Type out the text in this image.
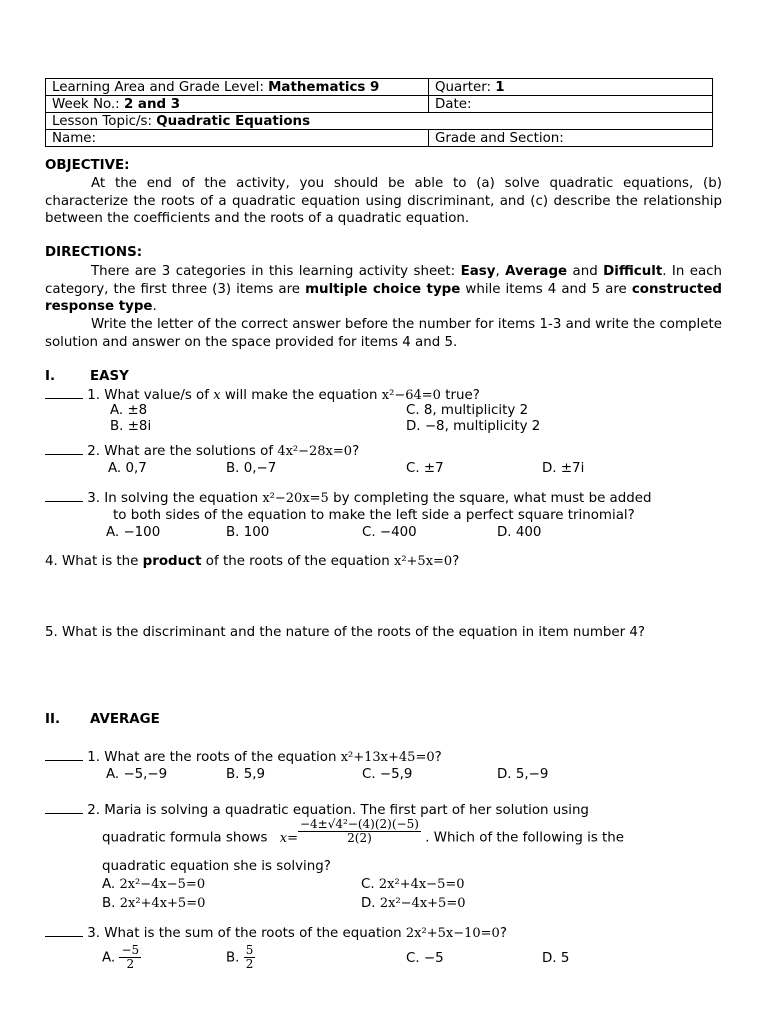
Learning Area and Grade Level: Mathematics 9	Quarter: 1
Week No.: 2 and 3	Date:
Lesson Topic/s: Quadratic Equations	
Name:	Grade and Section:
OBJECTIVE:
At the end of the activity, you should be able to (a) solve quadratic equations, (b) characterize the roots of a quadratic equation using discriminant, and (c) describe the relationship between the coefficients and the roots of a quadratic equation.
DIRECTIONS:
There are 3 categories in this learning activity sheet: Easy, Average and Difficult. In each category, the first three (3) items are multiple choice type while items 4 and 5 are constructed response type.
Write the letter of the correct answer before the number for items 1-3 and write the complete solution and answer on the space provided for items 4 and 5.
I.	EASY
1. What value/s of x will make the equation x²−64=0 true?
A. ±8
B. ±8i
C. 8, multiplicity 2
D. −8, multiplicity 2
2. What are the solutions of 4x²−28x=0?
A. 0,7	B. 0,−7	C. ±7	D. ±7i
3. In solving the equation x²−20x=5 by completing the square, what must be added
to both sides of the equation to make the left side a perfect square trinomial?
A. −100	B. 100	C. −400	D. 400
4. What is the product of the roots of the equation x²+5x=0?
5. What is the discriminant and the nature of the roots of the equation in item number 4?
II. AVERAGE
1. What are the roots of the equation x²+13x+45=0?
A. −5,−9	B. 5,9	C. −5,9	D. 5,−9
2. Maria is solving a quadratic equation. The first part of her solution using
quadratic formula shows $x= \frac{\text{−4±√4²−(4)(2)(−5)}}{2(2)}$ . Which of the following is the
quadratic equation she is solving?
A. 2x²−4x−5=0
B. 2x²+4x+5=0
C. 2x²+4x−5=0
D. 2x²−4x+5=0
3. What is the sum of the roots of the equation 2x²+5x−10=0?
A. $\frac{-5}{2}$	B. $\frac{5}{2}$	C. −5	D. 5
